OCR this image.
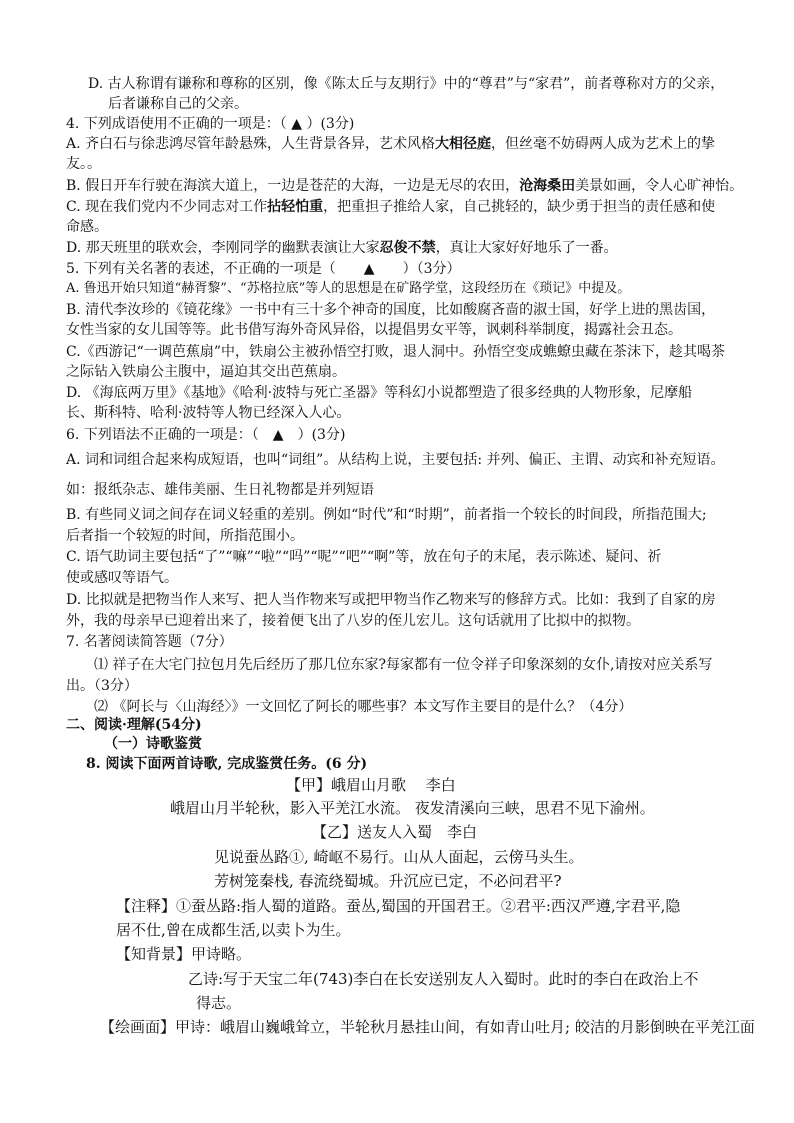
D. 古人称谓有谦称和尊称的区别，像《陈太丘与友期行》中的“尊君”与“家君”，前者尊称对方的父亲，
后者谦称自己的父亲。
4. 下列成语使用不正确的一项是：（ ▲ ）(3分)
A. 齐白石与徐悲鸿尽管年龄悬殊，人生背景各异，艺术风格大相径庭，但丝毫不妨碍两人成为艺术上的挚
友。。
B. 假日开车行驶在海滨大道上，一边是苍茫的大海，一边是无尽的农田，沧海桑田美景如画，令人心旷神怡。
C. 现在我们党内不少同志对工作拈轻怕重，把重担子推给人家，自己挑轻的，缺少勇于担当的责任感和使
命感。
D. 那天班里的联欢会，李刚同学的幽默表演让大家忍俊不禁，真让大家好好地乐了一番。
5. 下列有关名著的表述，不正确的一项是（　　▲　　）（3分）
A. 鲁迅开始只知道“赫胥黎”、“苏格拉底”等人的思想是在矿路学堂，这段经历在《琐记》中提及。
B. 清代李汝珍的《镜花缘》一书中有三十多个神奇的国度，比如酸腐吝啬的淑士国，好学上进的黑齿国，
女性当家的女儿国等等。此书借写海外奇风异俗，以提倡男女平等，讽刺科举制度，揭露社会丑态。
C.《西游记“一调芭蕉扇”中，铁扇公主被孙悟空打败，退人洞中。孙悟空变成蟭蟟虫藏在茶沫下，趁其喝茶
之际钻入铁扇公主腹中，逼迫其交出芭蕉扇。
D. 《海底两万里》《基地》《哈利·波特与死亡圣器》等科幻小说都塑造了很多经典的人物形象，尼摩船
长、斯科特、哈利·波特等人物已经深入人心。
6. 下列语法不正确的一项是：（　▲　）(3分)
A. 词和词组合起来构成短语，也叫“词组”。从结构上说，主要包括: 并列、偏正、主谓、动宾和补充短语。
如：报纸杂志、雄伟美丽、生日礼物都是并列短语
B. 有些同义词之间存在词义轻重的差别。例如“时代”和“时期”，前者指一个较长的时间段，所指范围大;
后者指一个较短的时间，所指范围小。
C. 语气助词主要包括“了”“嘛”“啦”“吗”“呢”“吧”“啊”等，放在句子的末尾，表示陈述、疑问、祈
使或感叹等语气。
D. 比拟就是把物当作人来写、把人当作物来写或把甲物当作乙物来写的修辞方式。比如：我到了自家的房
外，我的母亲早已迎着出来了，接着便飞出了八岁的侄儿宏儿。这句话就用了比拟中的拟物。
7. 名著阅读简答题（7分）
⑴ 祥子在大宅门拉包月先后经历了那几位东家?每家都有一位令祥子印象深刻的女仆,请按对应关系写
出。（3分）
⑵ 《阿长与〈山海经〉》一文回忆了阿长的哪些事？本文写作主要目的是什么？（4分）
二、阅读·理解(54分)
（一）诗歌鉴赏
8. 阅读下面两首诗歌, 完成鉴赏任务。(6 分)
【甲】峨眉山月歌　 李白
峨眉山月半轮秋，影入平羌江水流。 夜发清溪向三峡，思君不见下渝州。
【乙】送友人入蜀　李白
见说蚕丛路①, 崎岖不易行。山从人面起，云傍马头生。
芳树笼秦栈, 春流绕蜀城。升沉应已定，不必问君平?
【注释】①蚕丛路:指人蜀的道路。蚕丛,蜀国的开国君王。②君平:西汉严遵,字君平,隐
居不仕,曾在成都生活,以卖卜为生。
【知背景】甲诗略。
乙诗:写于天宝二年(743)李白在长安送别友人入蜀时。此时的李白在政治上不
得志。
【绘画面】甲诗：峨眉山巍峨耸立，半轮秋月悬挂山间，有如青山吐月; 皎洁的月影倒映在平羌江面
